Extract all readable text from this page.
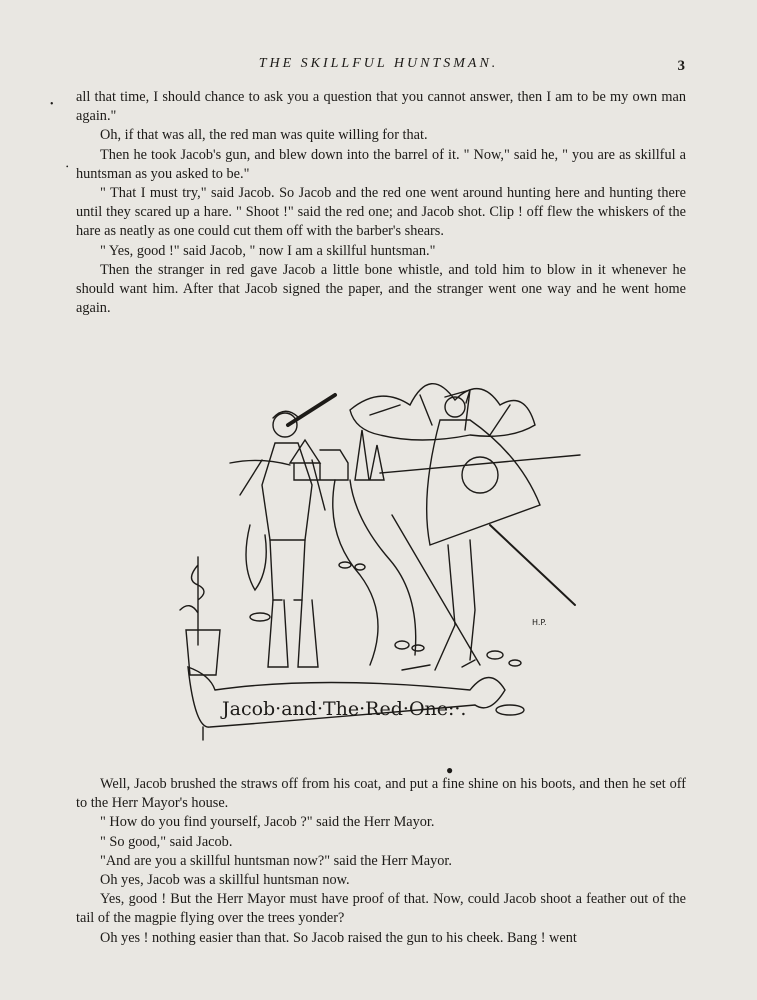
THE SKILLFUL HUNTSMAN.	3
•
•

all that time, I should chance to ask you a question that you cannot answer, then I am to be my own man again."

Oh, if that was all, the red man was quite willing for that.

Then he took Jacob's gun, and blew down into the barrel of it. " Now," said he, " you are as skillful a huntsman as you asked to be."

" That I must try," said Jacob. So Jacob and the red one went around hunting here and hunting there until they scared up a hare. " Shoot !" said the red one; and Jacob shot. Clip ! off flew the whiskers of the hare as neatly as one could cut them off with the barber's shears.

" Yes, good !" said Jacob, " now I am a skillful huntsman."

Then the stranger in red gave Jacob a little bone whistle, and told him to blow in it whenever he should want him. After that Jacob signed the paper, and the stranger went one way and he went home again.

Jacob·and·The·Red·One:·.
H.P.
●

Well, Jacob brushed the straws off from his coat, and put a fine shine on his boots, and then he set off to the Herr Mayor's house.

" How do you find yourself, Jacob ?" said the Herr Mayor.

" So good," said Jacob.

"And are you a skillful huntsman now?" said the Herr Mayor.

Oh yes, Jacob was a skillful huntsman now.

Yes, good ! But the Herr Mayor must have proof of that. Now, could Jacob shoot a feather out of the tail of the magpie flying over the trees yonder?

Oh yes ! nothing easier than that. So Jacob raised the gun to his cheek. Bang ! went
